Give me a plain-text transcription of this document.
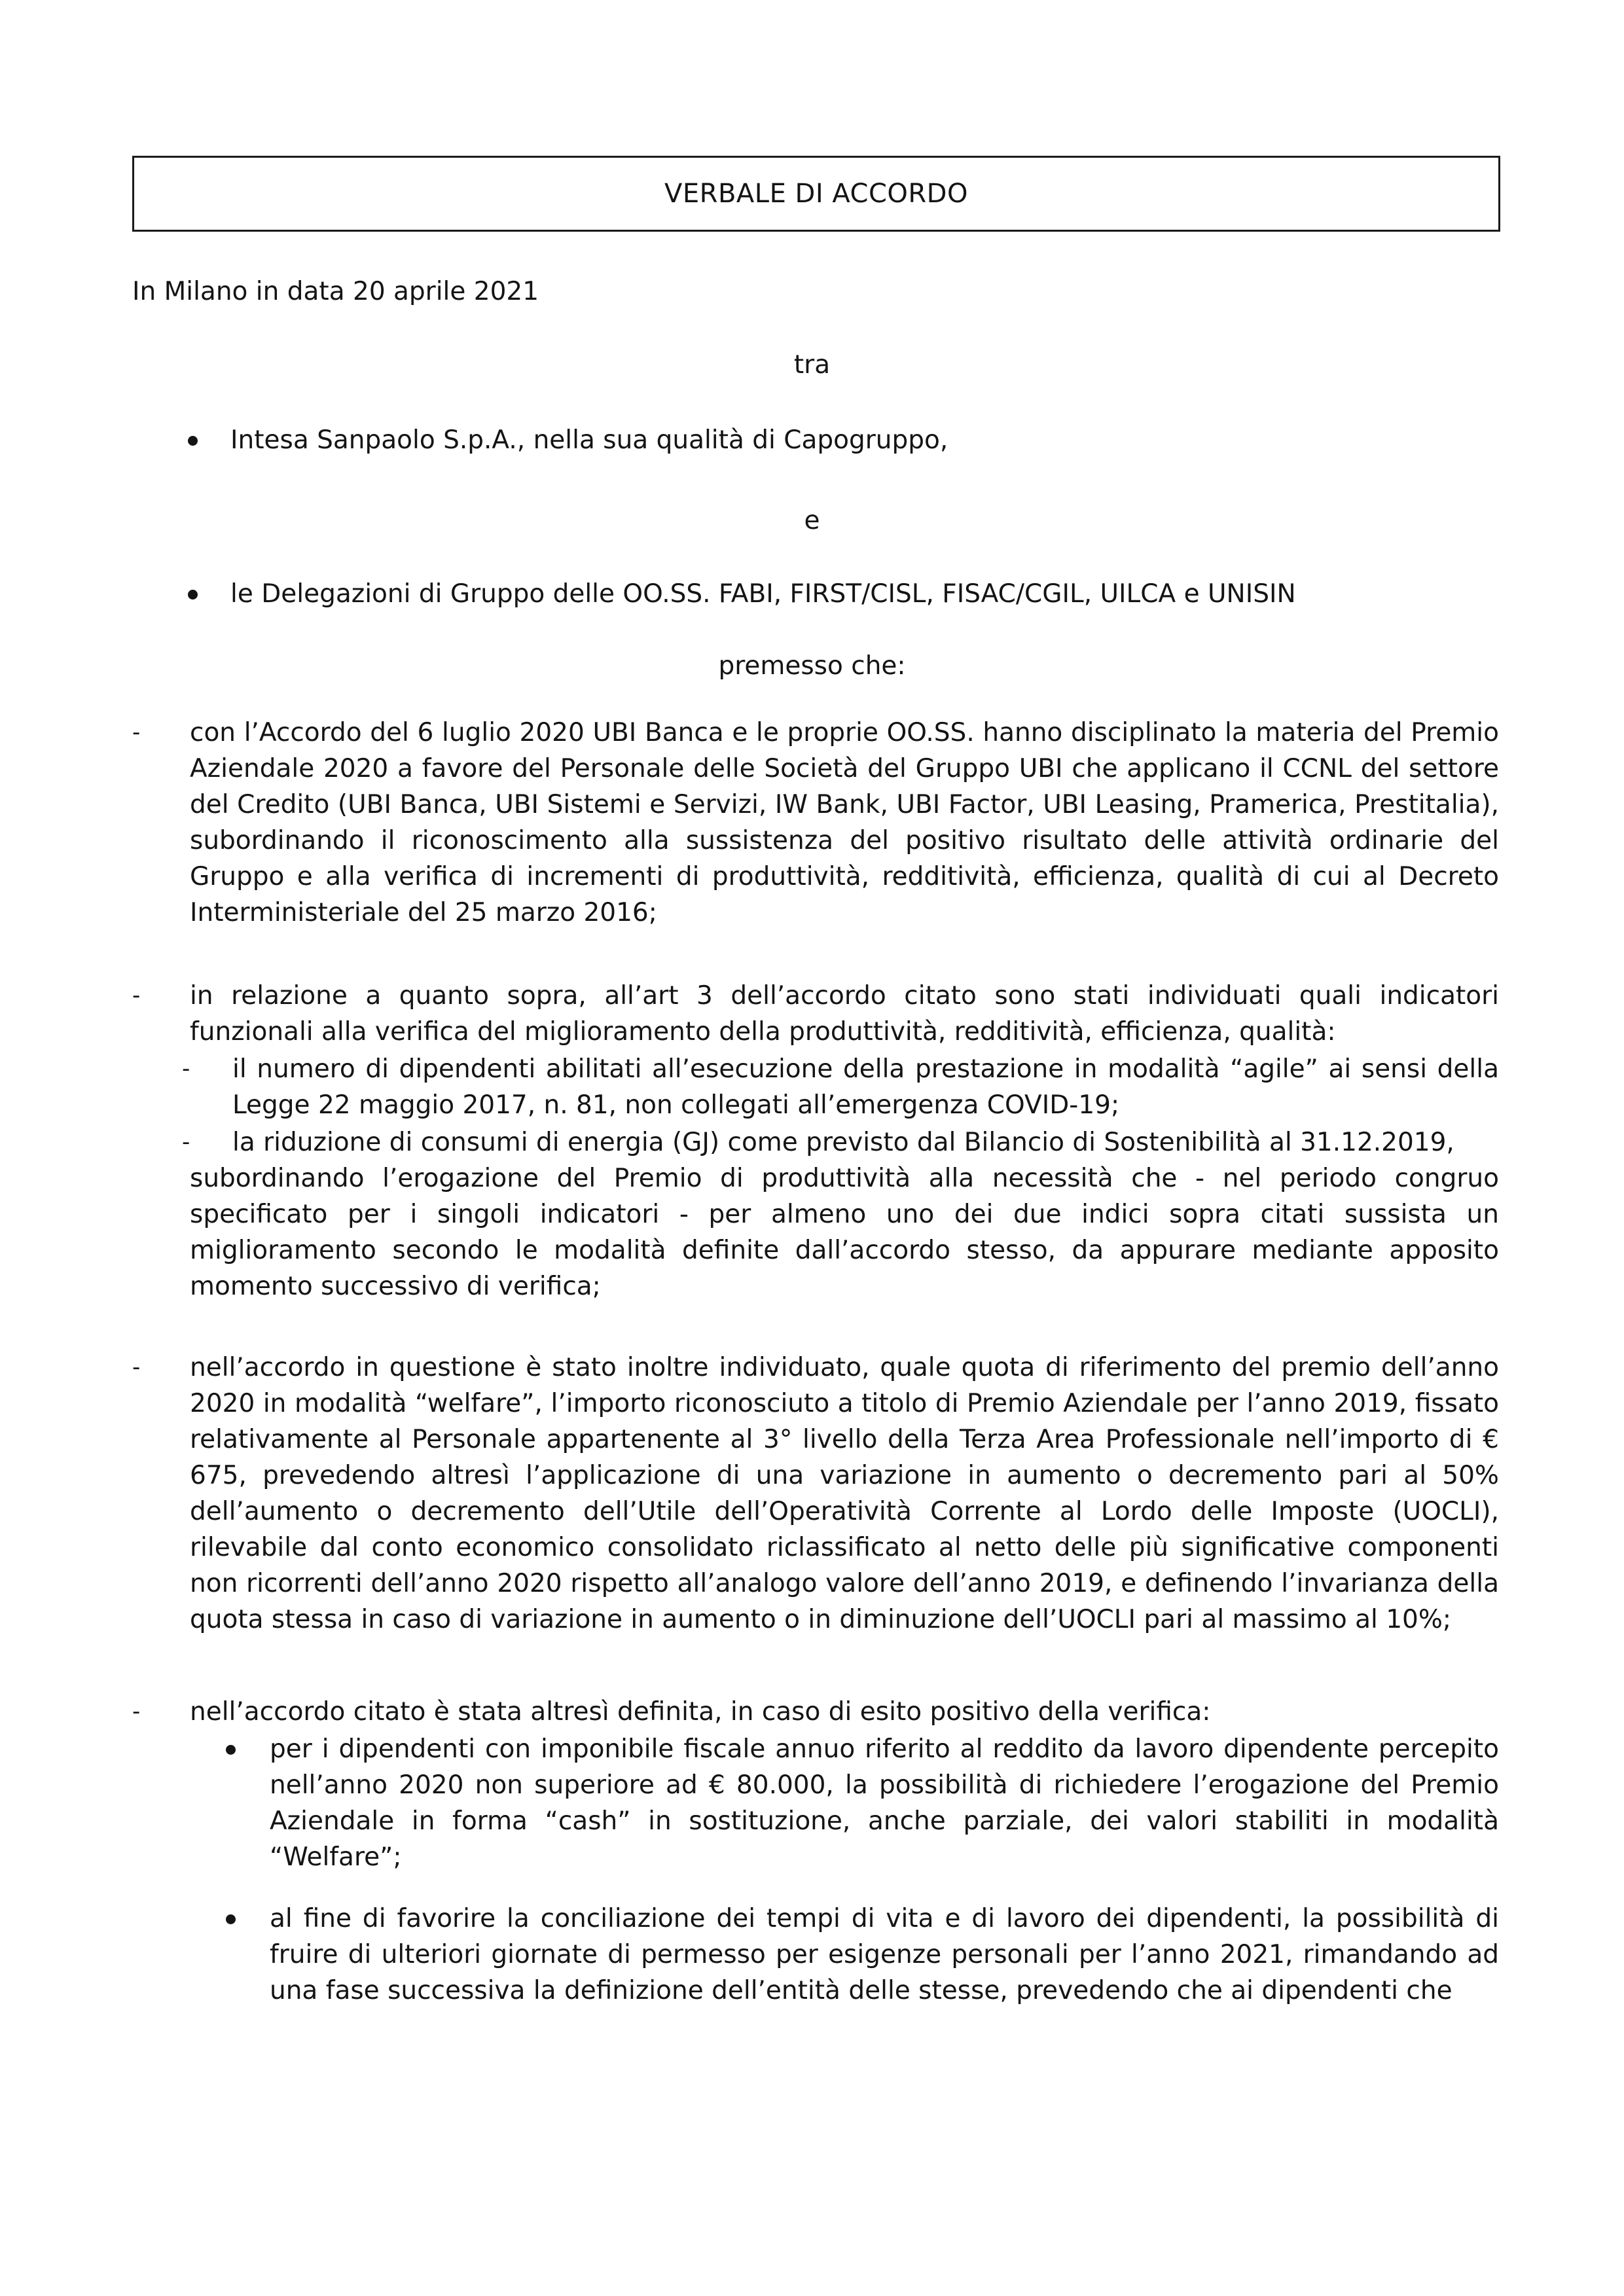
VERBALE DI ACCORDO
In Milano in data 20 aprile 2021
tra
Intesa Sanpaolo S.p.A., nella sua qualità di Capogruppo,
e
le Delegazioni di Gruppo delle OO.SS. FABI, FIRST/CISL, FISAC/CGIL, UILCA e UNISIN
premesso che:
- con l’Accordo del 6 luglio 2020 UBI Banca e le proprie OO.SS. hanno disciplinato la materia del Premio Aziendale 2020 a favore del Personale delle Società del Gruppo UBI che applicano il CCNL del settore del Credito (UBI Banca, UBI Sistemi e Servizi, IW Bank, UBI Factor, UBI Leasing, Pramerica, Prestitalia), subordinando il riconoscimento alla sussistenza del positivo risultato delle attività ordinarie del Gruppo e alla verifica di incrementi di produttività, redditività, efficienza, qualità di cui al Decreto Interministeriale del 25 marzo 2016;
- in relazione a quanto sopra, all’art 3 dell’accordo citato sono stati individuati quali indicatori funzionali alla verifica del miglioramento della produttività, redditività, efficienza, qualità:
- il numero di dipendenti abilitati all’esecuzione della prestazione in modalità “agile” ai sensi della Legge 22 maggio 2017, n. 81, non collegati all’emergenza COVID-19;
- la riduzione di consumi di energia (GJ) come previsto dal Bilancio di Sostenibilità al 31.12.2019,
subordinando l’erogazione del Premio di produttività alla necessità che - nel periodo congruo specificato per i singoli indicatori - per almeno uno dei due indici sopra citati sussista un miglioramento secondo le modalità definite dall’accordo stesso, da appurare mediante apposito momento successivo di verifica;
- nell’accordo in questione è stato inoltre individuato, quale quota di riferimento del premio dell’anno 2020 in modalità “welfare”, l’importo riconosciuto a titolo di Premio Aziendale per l’anno 2019, fissato relativamente al Personale appartenente al 3° livello della Terza Area Professionale nell’importo di € 675, prevedendo altresì l’applicazione di una variazione in aumento o decremento pari al 50% dell’aumento o decremento dell’Utile dell’Operatività Corrente al Lordo delle Imposte (UOCLI), rilevabile dal conto economico consolidato riclassificato al netto delle più significative componenti non ricorrenti dell’anno 2020 rispetto all’analogo valore dell’anno 2019, e definendo l’invarianza della quota stessa in caso di variazione in aumento o in diminuzione dell’UOCLI pari al massimo al 10%;
- nell’accordo citato è stata altresì definita, in caso di esito positivo della verifica:
per i dipendenti con imponibile fiscale annuo riferito al reddito da lavoro dipendente percepito nell’anno 2020 non superiore ad € 80.000, la possibilità di richiedere l’erogazione del Premio Aziendale in forma “cash” in sostituzione, anche parziale, dei valori stabiliti in modalità “Welfare”;
al fine di favorire la conciliazione dei tempi di vita e di lavoro dei dipendenti, la possibilità di fruire di ulteriori giornate di permesso per esigenze personali per l’anno 2021, rimandando ad una fase successiva la definizione dell’entità delle stesse, prevedendo che ai dipendenti che
